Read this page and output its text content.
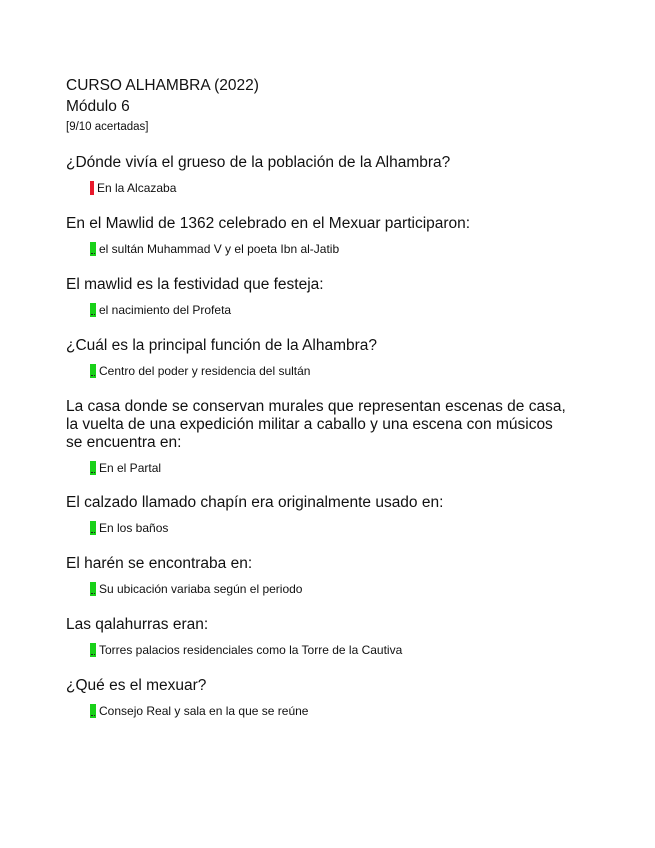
CURSO ALHAMBRA (2022)
Módulo 6
[9/10 acertadas]
¿Dónde vivía el grueso de la población de la Alhambra?
En la Alcazaba
En el Mawlid de 1362 celebrado en el Mexuar participaron:
el sultán Muhammad V y el poeta Ibn al-Jatib
El mawlid es la festividad que festeja:
el nacimiento del Profeta
¿Cuál es la principal función de la Alhambra?
Centro del poder y residencia del sultán
La casa donde se conservan murales que representan escenas de casa, la vuelta de una expedición militar a caballo y una escena con músicos se encuentra en:
En el Partal
El calzado llamado chapín era originalmente usado en:
En los baños
El harén se encontraba en:
Su ubicación variaba según el periodo
Las qalahurras eran:
Torres palacios residenciales como la Torre de la Cautiva
¿Qué es el mexuar?
Consejo Real y sala en la que se reúne
